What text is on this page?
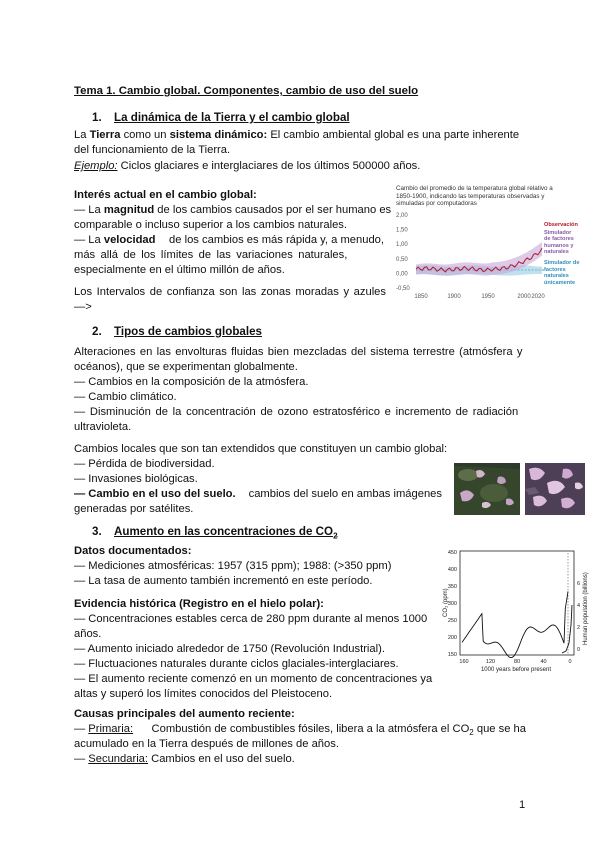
Tema 1. Cambio global. Componentes, cambio de uso del suelo
1. La dinámica de la Tierra y el cambio global
La Tierra como un sistema dinámico: El cambio ambiental global es una parte inherente
del funcionamiento de la Tierra.
Ejemplo: Ciclos glaciares e interglaciares de los últimos 500000 años.
Interés actual en el cambio global:
— La magnitud de los cambios causados por el ser humano es
comparable o incluso superior a los cambios naturales.
— La velocidad de los cambios es más rápida y, a menudo,
más allá de los límites de las variaciones naturales,
especialmente en el último millón de años.
Los Intervalos de confianza son las zonas moradas y azules
—>
Cambio del promedio de la temperatura global relativo a
1850-1900, indicando las temperaturas observadas y
simuladas por computadoras
2,00
1,50
1,00
0,50
0,00
-0,50
1850	1900	1950	2000 2020
Observación
Simulador
de factores
humanos y
naturales
Simulador de
factores
naturales
únicamente
2. Tipos de cambios globales
Alteraciones en las envolturas fluidas bien mezcladas del sistema terrestre (atmósfera y
océanos), que se experimentan globalmente.
— Cambios en la composición de la atmósfera.
— Cambio climático.
— Disminución de la concentración de ozono estratosférico e incremento de radiación
ultravioleta.
Cambios locales que son tan extendidos que constituyen un cambio global:
— Pérdida de biodiversidad.
— Invasiones biológicas.
— Cambio en el uso del suelo. cambios del suelo en ambas imágenes
generadas por satélites.
3. Aumento en las concentraciones de $CO_2$
Datos documentados:
— Mediciones atmosféricas: 1957 (315 ppm); 1988: (>350 ppm)
— La tasa de aumento también incrementó en este período.
Evidencia histórica (Registro en el hielo polar):
— Concentraciones estables cerca de 280 ppm durante al menos 1000
años.
— Aumento iniciado alrededor de 1750 (Revolución Industrial).
— Fluctuaciones naturales durante ciclos glaciales-interglaciares.
— El aumento reciente comenzó en un momento de concentraciones ya
altas y superó los límites conocidos del Pleistoceno.
Causas principales del aumento reciente:
— Primaria: Combustión de combustibles fósiles, libera a la atmósfera el $CO_2$ que se ha
acumulado en la Tierra después de millones de años.
— Secundaria: Cambios en el uso del suelo.
450
400
350
300
250
200
150
6
4
2
0
160	120	80	40	0
CO₂ (ppm)	Human population (billions)
1000 years before present
1
